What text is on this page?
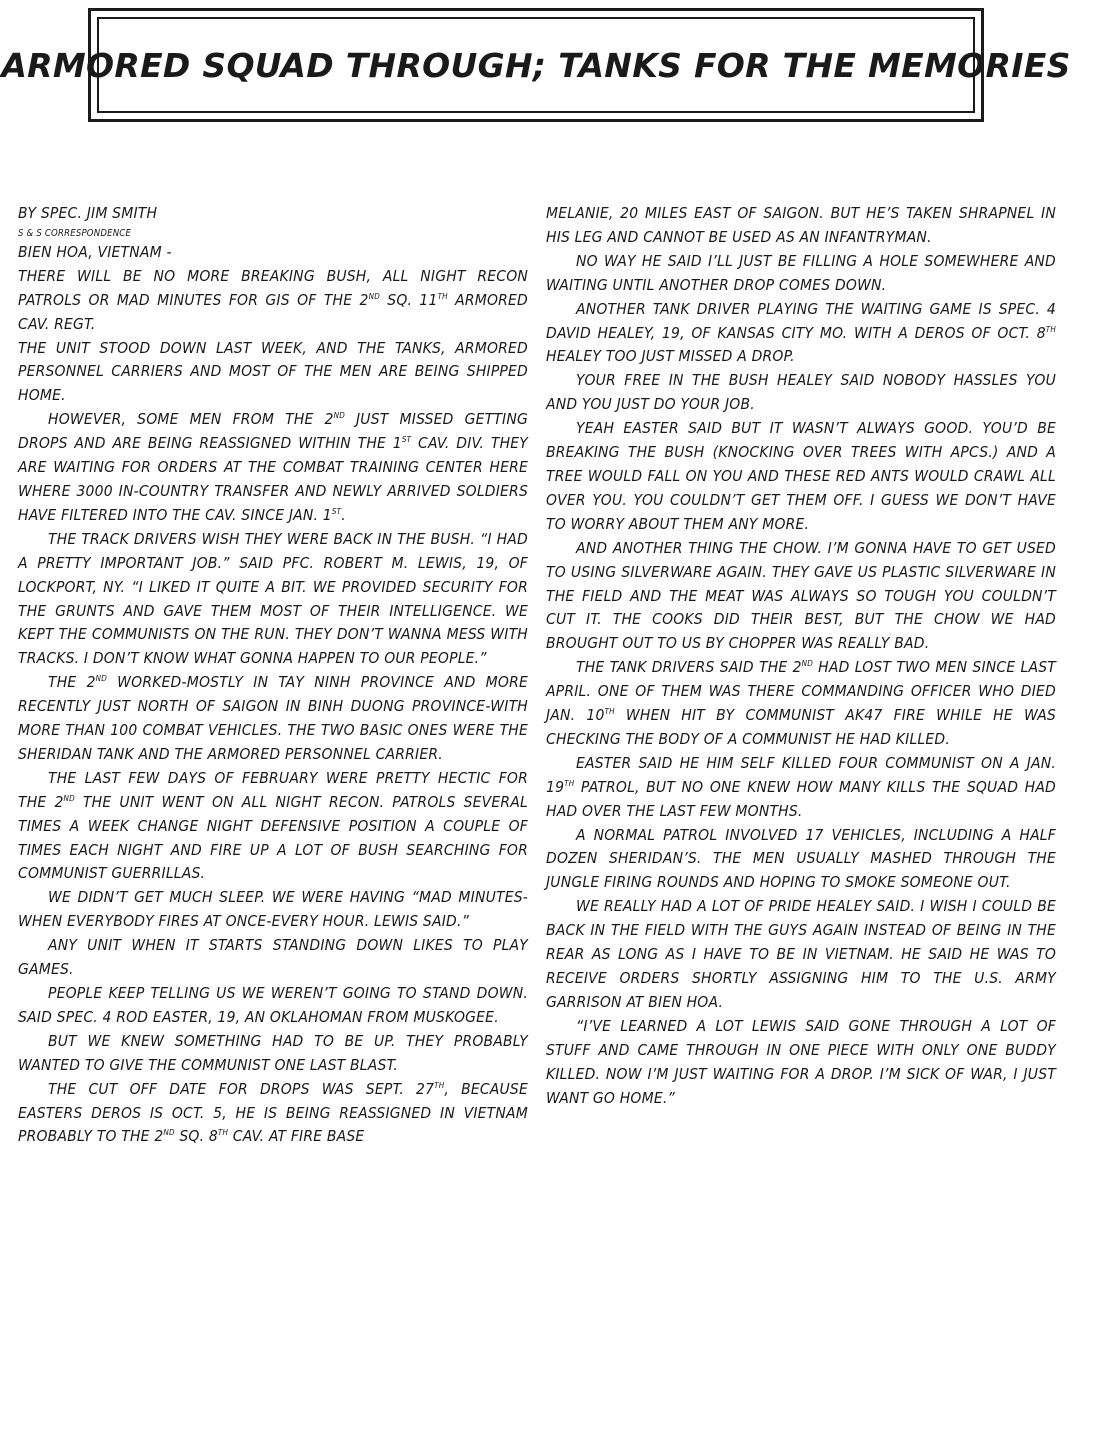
ARMORED SQUAD THROUGH; TANKS FOR THE MEMORIES

BY SPEC. JIM SMITH

S & S CORRESPONDENCE

BIEN HOA, VIETNAM -

THERE WILL BE NO MORE BREAKING BUSH, ALL NIGHT RECON PATROLS OR MAD MINUTES FOR GIS OF THE 2ND SQ. 11TH ARMORED CAV. REGT.

THE UNIT STOOD DOWN LAST WEEK, AND THE TANKS, ARMORED PERSONNEL CARRIERS AND MOST OF THE MEN ARE BEING SHIPPED HOME.

HOWEVER, SOME MEN FROM THE 2ND JUST MISSED GETTING DROPS AND ARE BEING REASSIGNED WITHIN THE 1ST CAV. DIV. THEY ARE WAITING FOR ORDERS AT THE COMBAT TRAINING CENTER HERE WHERE 3000 IN-COUNTRY TRANSFER AND NEWLY ARRIVED SOLDIERS HAVE FILTERED INTO THE CAV. SINCE JAN. 1ST.

THE TRACK DRIVERS WISH THEY WERE BACK IN THE BUSH. “I HAD A PRETTY IMPORTANT JOB.” SAID PFC. ROBERT M. LEWIS, 19, OF LOCKPORT, NY. “I LIKED IT QUITE A BIT. WE PROVIDED SECURITY FOR THE GRUNTS AND GAVE THEM MOST OF THEIR INTELLIGENCE. WE KEPT THE COMMUNISTS ON THE RUN. THEY DON’T WANNA MESS WITH TRACKS. I DON’T KNOW WHAT GONNA HAPPEN TO OUR PEOPLE.”

THE 2ND WORKED-MOSTLY IN TAY NINH PROVINCE AND MORE RECENTLY JUST NORTH OF SAIGON IN BINH DUONG PROVINCE-WITH MORE THAN 100 COMBAT VEHICLES. THE TWO BASIC ONES WERE THE SHERIDAN TANK AND THE ARMORED PERSONNEL CARRIER.

THE LAST FEW DAYS OF FEBRUARY WERE PRETTY HECTIC FOR THE 2ND THE UNIT WENT ON ALL NIGHT RECON. PATROLS SEVERAL TIMES A WEEK CHANGE NIGHT DEFENSIVE POSITION A COUPLE OF TIMES EACH NIGHT AND FIRE UP A LOT OF BUSH SEARCHING FOR COMMUNIST GUERRILLAS.

WE DIDN’T GET MUCH SLEEP. WE WERE HAVING “MAD MINUTES-WHEN EVERYBODY FIRES AT ONCE-EVERY HOUR. LEWIS SAID.”

ANY UNIT WHEN IT STARTS STANDING DOWN LIKES TO PLAY GAMES.

PEOPLE KEEP TELLING US WE WEREN’T GOING TO STAND DOWN. SAID SPEC. 4 ROD EASTER, 19, AN OKLAHOMAN FROM MUSKOGEE.

BUT WE KNEW SOMETHING HAD TO BE UP. THEY PROBABLY WANTED TO GIVE THE COMMUNIST ONE LAST BLAST.

THE CUT OFF DATE FOR DROPS WAS SEPT. 27TH, BECAUSE EASTERS DEROS IS OCT. 5, HE IS BEING REASSIGNED IN VIETNAM PROBABLY TO THE 2ND SQ. 8TH CAV. AT FIRE BASE

MELANIE, 20 MILES EAST OF SAIGON. BUT HE’S TAKEN SHRAPNEL IN HIS LEG AND CANNOT BE USED AS AN INFANTRYMAN.

NO WAY HE SAID I’LL JUST BE FILLING A HOLE SOMEWHERE AND WAITING UNTIL ANOTHER DROP COMES DOWN.

ANOTHER TANK DRIVER PLAYING THE WAITING GAME IS SPEC. 4 DAVID HEALEY, 19, OF KANSAS CITY MO. WITH A DEROS OF OCT. 8TH HEALEY TOO JUST MISSED A DROP.

YOUR FREE IN THE BUSH HEALEY SAID NOBODY HASSLES YOU AND YOU JUST DO YOUR JOB.

YEAH EASTER SAID BUT IT WASN’T ALWAYS GOOD. YOU’D BE BREAKING THE BUSH (KNOCKING OVER TREES WITH APCS.) AND A TREE WOULD FALL ON YOU AND THESE RED ANTS WOULD CRAWL ALL OVER YOU. YOU COULDN’T GET THEM OFF. I GUESS WE DON’T HAVE TO WORRY ABOUT THEM ANY MORE.

AND ANOTHER THING THE CHOW. I’M GONNA HAVE TO GET USED TO USING SILVERWARE AGAIN. THEY GAVE US PLASTIC SILVERWARE IN THE FIELD AND THE MEAT WAS ALWAYS SO TOUGH YOU COULDN’T CUT IT. THE COOKS DID THEIR BEST, BUT THE CHOW WE HAD BROUGHT OUT TO US BY CHOPPER WAS REALLY BAD.

THE TANK DRIVERS SAID THE 2ND HAD LOST TWO MEN SINCE LAST APRIL. ONE OF THEM WAS THERE COMMANDING OFFICER WHO DIED JAN. 10TH WHEN HIT BY COMMUNIST AK47 FIRE WHILE HE WAS CHECKING THE BODY OF A COMMUNIST HE HAD KILLED.

EASTER SAID HE HIM SELF KILLED FOUR COMMUNIST ON A JAN. 19TH PATROL, BUT NO ONE KNEW HOW MANY KILLS THE SQUAD HAD HAD OVER THE LAST FEW MONTHS.

A NORMAL PATROL INVOLVED 17 VEHICLES, INCLUDING A HALF DOZEN SHERIDAN’S. THE MEN USUALLY MASHED THROUGH THE JUNGLE FIRING ROUNDS AND HOPING TO SMOKE SOMEONE OUT.

WE REALLY HAD A LOT OF PRIDE HEALEY SAID. I WISH I COULD BE BACK IN THE FIELD WITH THE GUYS AGAIN INSTEAD OF BEING IN THE REAR AS LONG AS I HAVE TO BE IN VIETNAM. HE SAID HE WAS TO RECEIVE ORDERS SHORTLY ASSIGNING HIM TO THE U.S. ARMY GARRISON AT BIEN HOA.

“I’VE LEARNED A LOT LEWIS SAID GONE THROUGH A LOT OF STUFF AND CAME THROUGH IN ONE PIECE WITH ONLY ONE BUDDY KILLED. NOW I’M JUST WAITING FOR A DROP. I’M SICK OF WAR, I JUST WANT GO HOME.”
